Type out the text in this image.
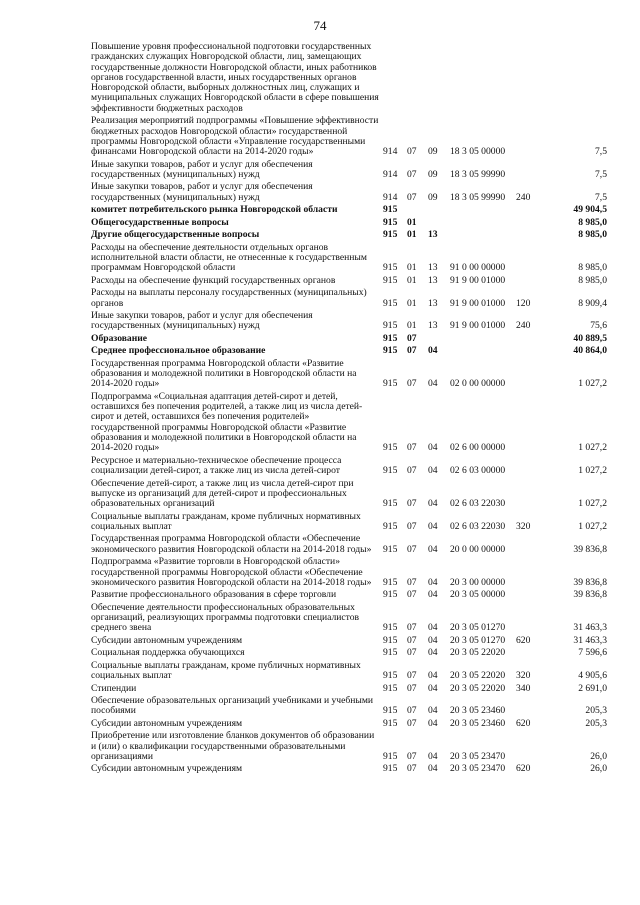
74
Повышение уровня профессиональной подготовки государственных гражданских служащих Новгородской области, лиц, замещающих государственные должности Новгородской области, иных работников органов государственной власти, иных государственных органов Новгородской области, выборных должностных лиц, служащих и муниципальных служащих Новгородской области в сфере повышения эффективности бюджетных расходов						
Реализация мероприятий подпрограммы «Повышение эффективности бюджетных расходов Новгородской области» государственной программы Новгородской области «Управление государственными финансами Новгородской области на 2014-2020 годы»	914	07	09	18 3 05 00000		7,5
Иные закупки товаров, работ и услуг для обеспечения государственных (муниципальных) нужд	914	07	09	18 3 05 99990		7,5
Иные закупки товаров, работ и услуг для обеспечения государственных (муниципальных) нужд	914	07	09	18 3 05 99990	240	7,5
комитет потребительского рынка Новгородской области	915					49 904,5
Общегосударственные вопросы	915	01				8 985,0
Другие общегосударственные вопросы	915	01	13			8 985,0
Расходы на обеспечение деятельности отдельных органов исполнительной власти области, не отнесенные к государственным программам Новгородской области	915	01	13	91 0 00 00000		8 985,0
Расходы на обеспечение функций государственных органов	915	01	13	91 9 00 01000		8 985,0
Расходы на выплаты персоналу государственных (муниципальных) органов	915	01	13	91 9 00 01000	120	8 909,4
Иные закупки товаров, работ и услуг для обеспечения государственных (муниципальных) нужд	915	01	13	91 9 00 01000	240	75,6
Образование	915	07				40 889,5
Среднее профессиональное образование	915	07	04			40 864,0
Государственная программа Новгородской области «Развитие образования и молодежной политики в Новгородской области на 2014-2020 годы»	915	07	04	02 0 00 00000		1 027,2
Подпрограмма «Социальная адаптация детей-сирот и детей, оставшихся без попечения родителей, а также лиц из числа детей-сирот и детей, оставшихся без попечения родителей» государственной программы Новгородской области «Развитие образования и молодежной политики в Новгородской области на 2014-2020 годы»	915	07	04	02 6 00 00000		1 027,2
Ресурсное и материально-техническое обеспечение процесса социализации детей-сирот, а также лиц из числа детей-сирот	915	07	04	02 6 03 00000		1 027,2
Обеспечение детей-сирот, а также лиц из числа детей-сирот при выпуске из организаций для детей-сирот и профессиональных образовательных организаций	915	07	04	02 6 03 22030		1 027,2
Социальные выплаты гражданам, кроме публичных нормативных социальных выплат	915	07	04	02 6 03 22030	320	1 027,2
Государственная программа Новгородской области «Обеспечение экономического развития Новгородской области на 2014-2018 годы»	915	07	04	20 0 00 00000		39 836,8
Подпрограмма «Развитие торговли в Новгородской области» государственной программы Новгородской области «Обеспечение экономического развития Новгородской области на 2014-2018 годы»	915	07	04	20 3 00 00000		39 836,8
Развитие профессионального образования в сфере торговли	915	07	04	20 3 05 00000		39 836,8
Обеспечение деятельности профессиональных образовательных организаций, реализующих программы подготовки специалистов среднего звена	915	07	04	20 3 05 01270		31 463,3
Субсидии автономным учреждениям	915	07	04	20 3 05 01270	620	31 463,3
Социальная поддержка обучающихся	915	07	04	20 3 05 22020		7 596,6
Социальные выплаты гражданам, кроме публичных нормативных социальных выплат	915	07	04	20 3 05 22020	320	4 905,6
Стипендии	915	07	04	20 3 05 22020	340	2 691,0
Обеспечение образовательных организаций учебниками и учебными пособиями	915	07	04	20 3 05 23460		205,3
Субсидии автономным учреждениям	915	07	04	20 3 05 23460	620	205,3
Приобретение или изготовление бланков документов об образовании и (или) о квалификации государственными образовательными организациями	915	07	04	20 3 05 23470		26,0
Субсидии автономным учреждениям	915	07	04	20 3 05 23470	620	26,0
